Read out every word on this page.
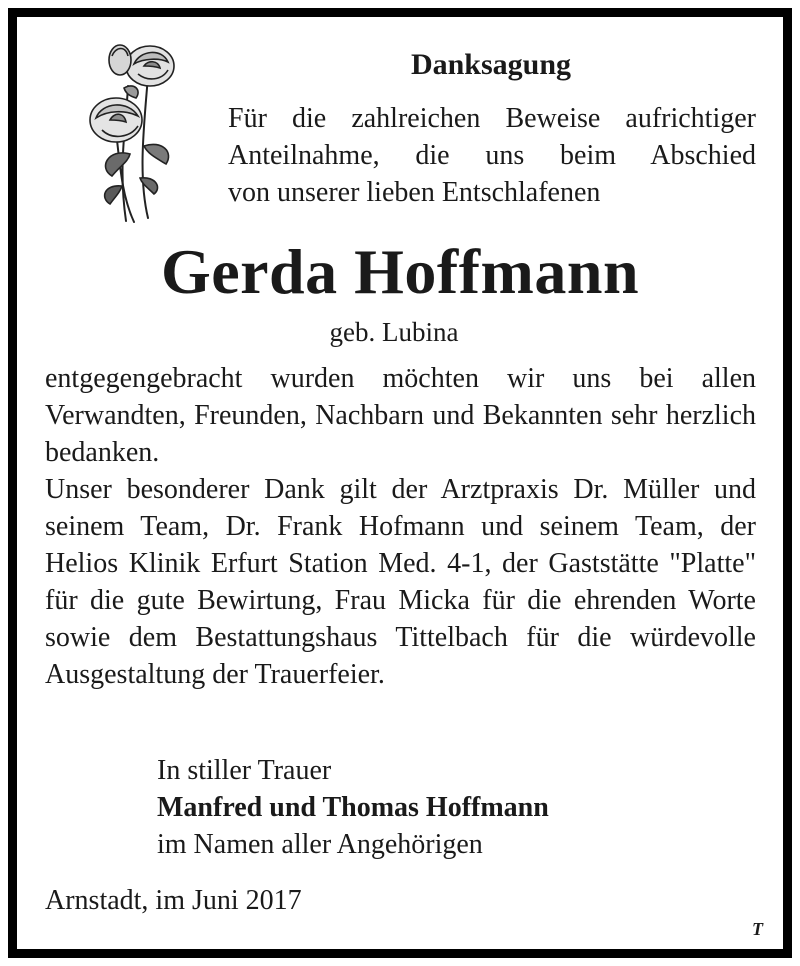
Danksagung
Für die zahlreichen Beweise aufrichtiger
Anteilnahme, die uns beim Abschied
von unserer lieben Entschlafenen
Gerda Hoffmann
geb. Lubina
entgegengebracht wurden möchten wir uns bei allen Verwandten, Freunden, Nachbarn und Bekannten sehr herzlich bedanken.
Unser besonderer Dank gilt der Arztpraxis Dr. Müller und seinem Team, Dr. Frank Hofmann und seinem Team, der Helios Klinik Erfurt Station Med. 4-1, der Gaststätte "Platte" für die gute Bewirtung, Frau Micka für die ehrenden Worte sowie dem Bestattungshaus Tittelbach für die würdevolle Ausgestaltung der Trauerfeier.
In stiller Trauer
Manfred und Thomas Hoffmann
im Namen aller Angehörigen
Arnstadt, im Juni 2017
T
